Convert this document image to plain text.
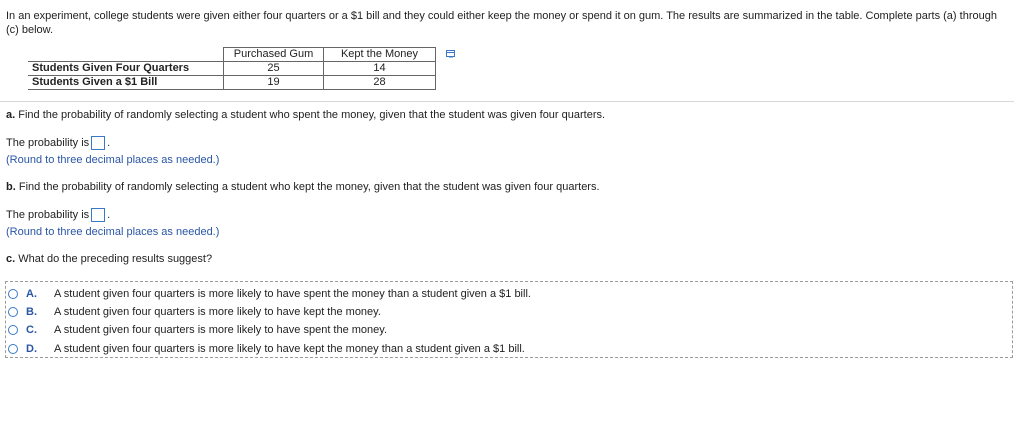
In an experiment, college students were given either four quarters or a $1 bill and they could either keep the money or spend it on gum. The results are summarized in the table. Complete parts (a) through (c) below.
	Purchased Gum	Kept the Money
Students Given Four Quarters	25	14
Students Given a $1 Bill	19	28
a. Find the probability of randomly selecting a student who spent the money, given that the student was given four quarters.
The probability is .
(Round to three decimal places as needed.)
b. Find the probability of randomly selecting a student who kept the money, given that the student was given four quarters.
The probability is .
(Round to three decimal places as needed.)
c. What do the preceding results suggest?
A.	A student given four quarters is more likely to have spent the money than a student given a $1 bill.
B.	A student given four quarters is more likely to have kept the money.
C.	A student given four quarters is more likely to have spent the money.
D.	A student given four quarters is more likely to have kept the money than a student given a $1 bill.
